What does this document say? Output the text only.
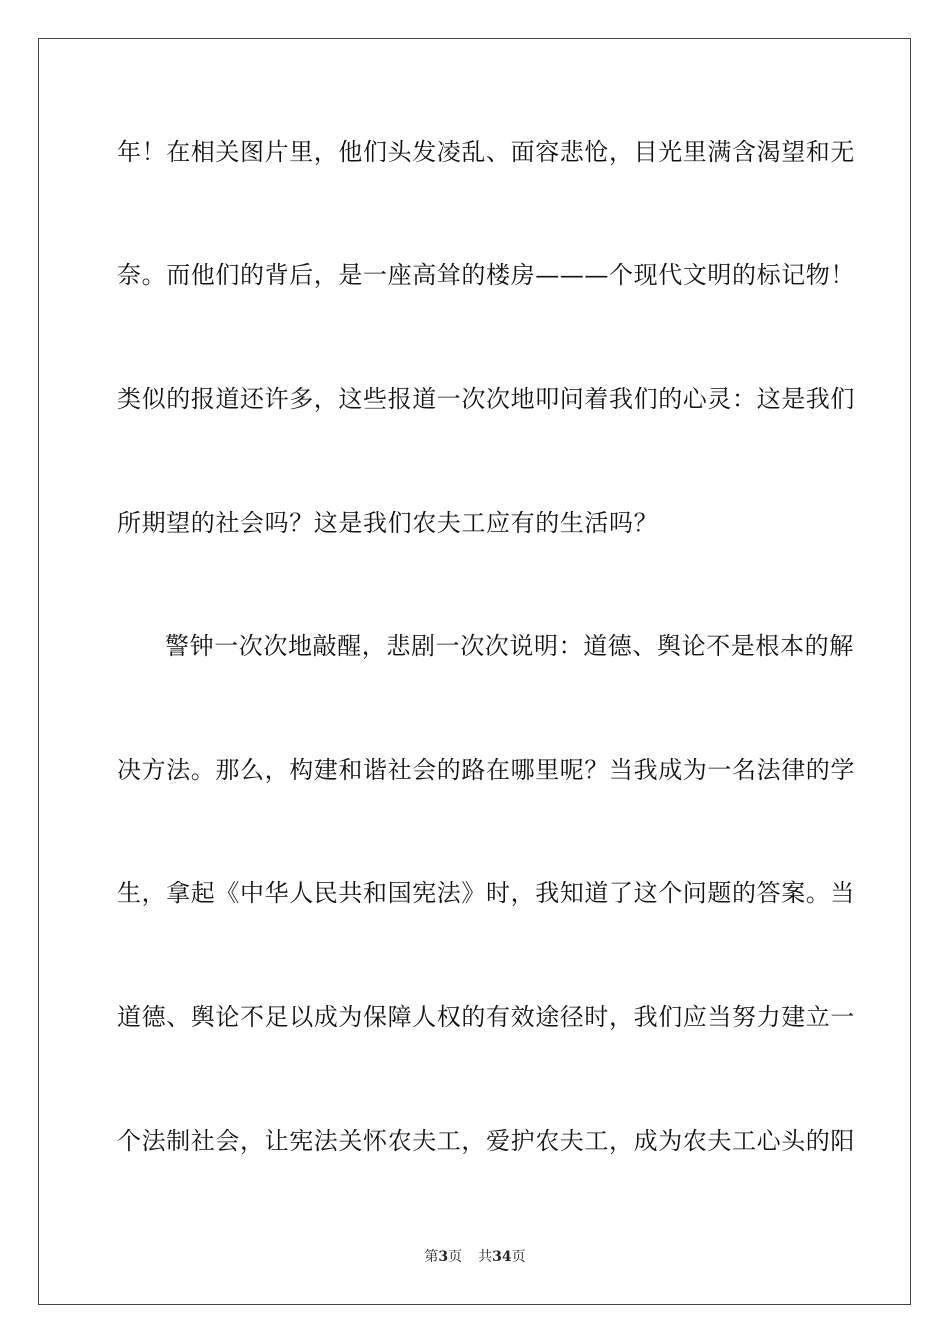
年！在相关图片里，他们头发凌乱、面容悲怆，目光里满含渴望和无
奈。而他们的背后，是一座高耸的楼房———个现代文明的标记物！
类似的报道还许多，这些报道一次次地叩问着我们的心灵：这是我们
所期望的社会吗？这是我们农夫工应有的生活吗？
警钟一次次地敲醒，悲剧一次次说明：道德、舆论不是根本的解
决方法。那么，构建和谐社会的路在哪里呢？当我成为一名法律的学
生，拿起《中华人民共和国宪法》时，我知道了这个问题的答案。当
道德、舆论不足以成为保障人权的有效途径时，我们应当努力建立一
个法制社会，让宪法关怀农夫工，爱护农夫工，成为农夫工心头的阳
第3页 共34页
